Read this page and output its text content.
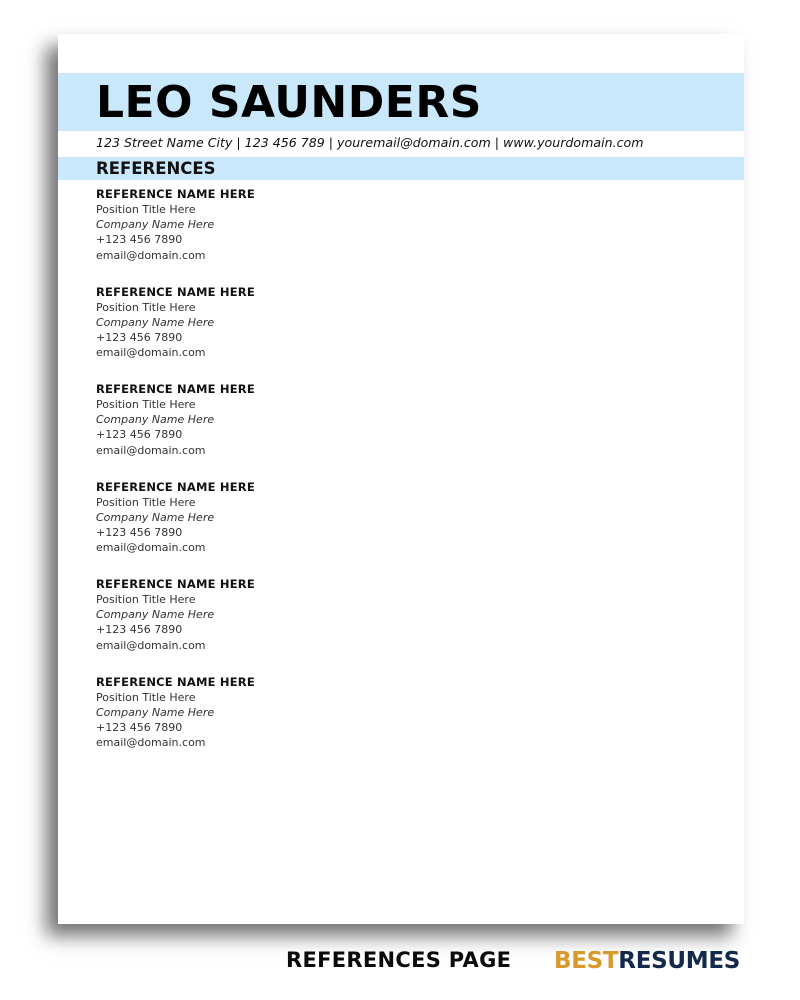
LEO SAUNDERS
123 Street Name City | 123 456 789 | youremail@domain.com | www.yourdomain.com
REFERENCES
REFERENCE NAME HERE
Position Title Here
Company Name Here
+123 456 7890
email@domain.com
REFERENCE NAME HERE
Position Title Here
Company Name Here
+123 456 7890
email@domain.com
REFERENCE NAME HERE
Position Title Here
Company Name Here
+123 456 7890
email@domain.com
REFERENCE NAME HERE
Position Title Here
Company Name Here
+123 456 7890
email@domain.com
REFERENCE NAME HERE
Position Title Here
Company Name Here
+123 456 7890
email@domain.com
REFERENCE NAME HERE
Position Title Here
Company Name Here
+123 456 7890
email@domain.com
REFERENCES PAGE BESTRESUMES
